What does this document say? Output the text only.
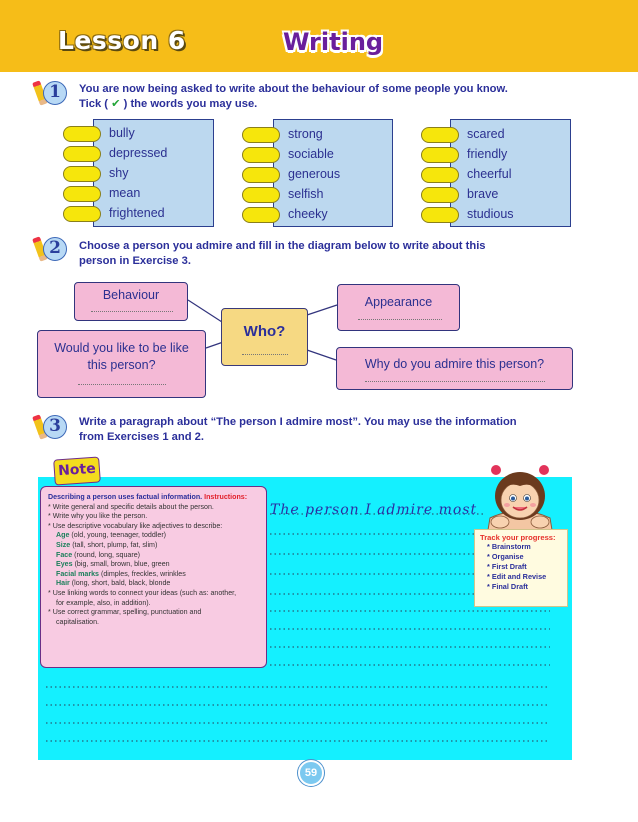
Lesson 6	Writing
1	You are now being asked to write about the behaviour of some people you know.
Tick ( ✔ ) the words you may use.
bully
depressed
shy
mean
frightened
strong
sociable
generous
selfish
cheeky
scared
friendly
cheerful
brave
studious
2	Choose a person you admire and fill in the diagram below to write about this
person in Exercise 3.
Behaviour	Appearance
Who?
Would you like to be like
this person?	Why do you admire this person?
3	Write a paragraph about “The person I admire most”. You may use the information
from Exercises 1 and 2.
The person I admire most
Describing a person uses factual information. Instructions:
* Write general and specific details about the person.
* Write why you like the person.
* Use descriptive vocabulary like adjectives to describe:
Age (old, young, teenager, toddler)
Size (tall, short, plump, fat, slim)
Face (round, long, square)
Eyes (big, small, brown, blue, green
Facial marks (dimples, freckles, wrinkles
Hair (long, short, bald, black, blonde
* Use linking words to connect your ideas (such as: another,
for example, also, in addition).
* Use correct grammar, spelling, punctuation and
capitalisation.
Note
Track your progress:
* Brainstorm
* Organise
* First Draft
* Edit and Revise
* Final Draft
59
